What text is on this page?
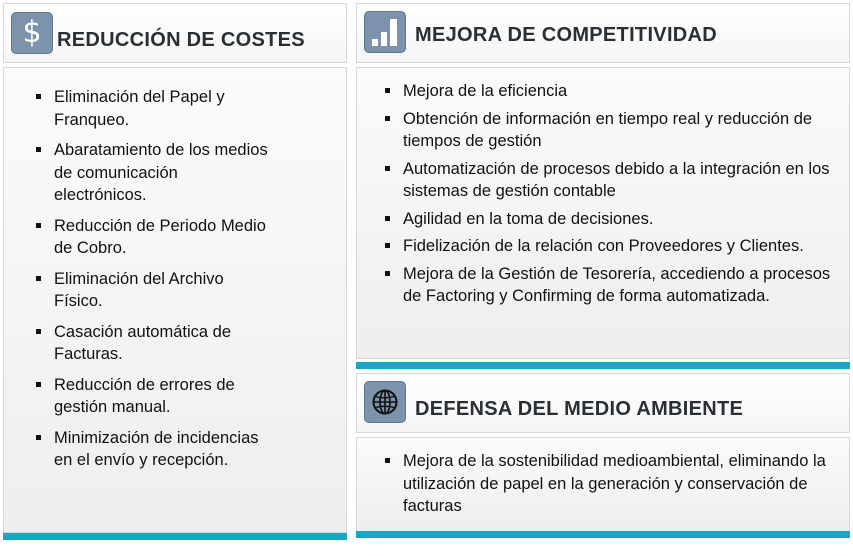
$ REDUCCIÓN DE COSTES
Eliminación del Papel y Franqueo.
Abaratamiento de los medios de comunicación electrónicos.
Reducción de Periodo Medio de Cobro.
Eliminación del Archivo Físico.
Casación automática de Facturas.
Reducción de errores de gestión manual.
Minimización de incidencias en el envío y recepción.
MEJORA DE COMPETITIVIDAD
Mejora de la eficiencia
Obtención de información en tiempo real y reducción de tiempos de gestión
Automatización de procesos debido a la integración en los sistemas de gestión contable
Agilidad en la toma de decisiones.
Fidelización de la relación con Proveedores y Clientes.
Mejora de la Gestión de Tesorería, accediendo a procesos de Factoring y Confirming de forma automatizada.
DEFENSA DEL MEDIO AMBIENTE
Mejora de la sostenibilidad medioambiental, eliminando la utilización de papel en la generación y conservación de facturas
